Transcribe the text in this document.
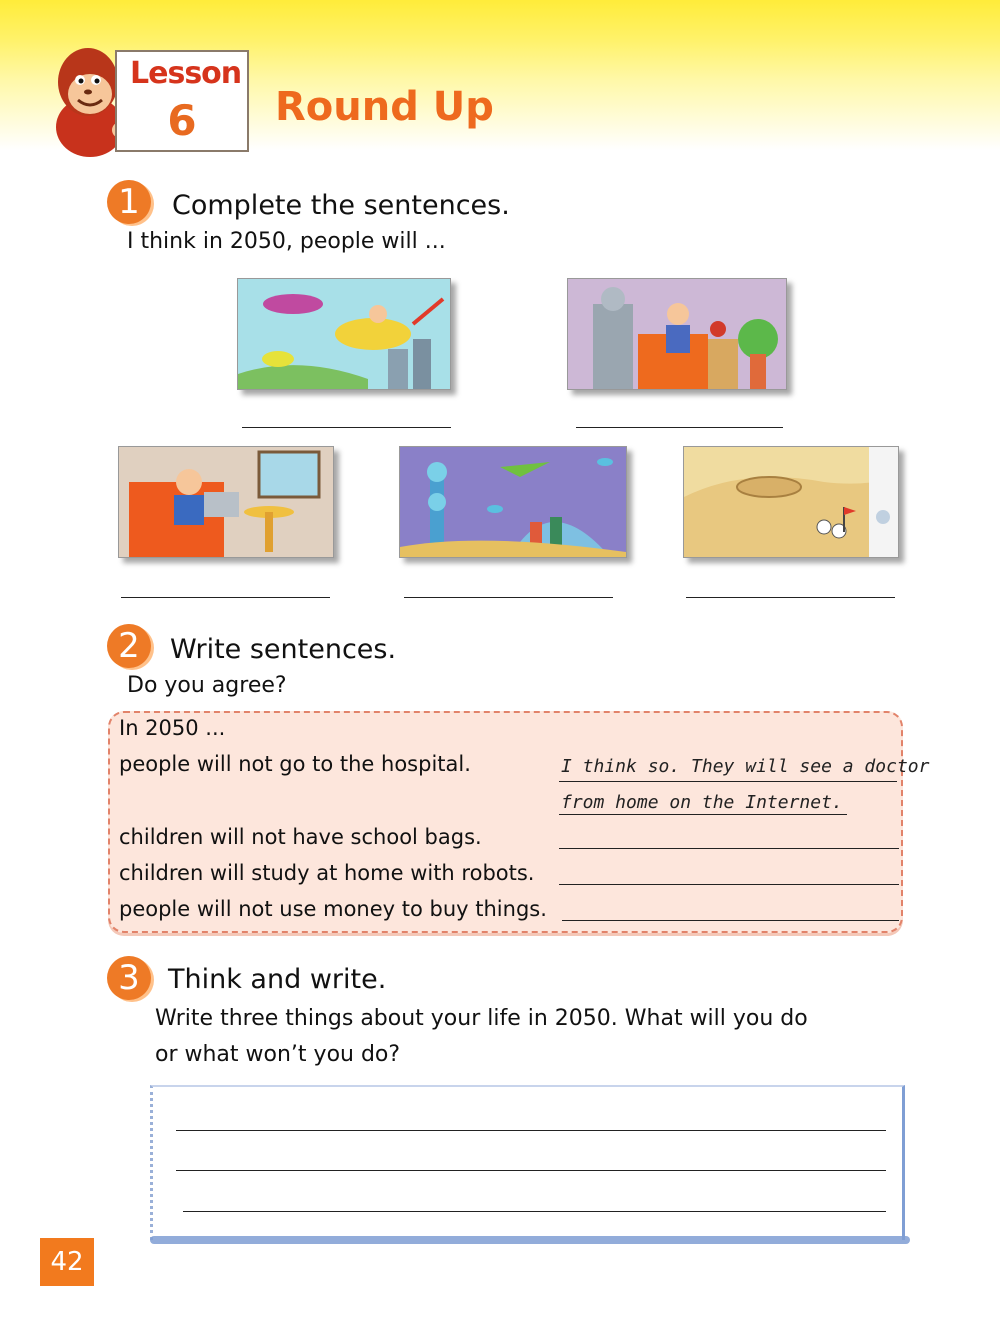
Lesson
6	Round Up
1	Complete the sentences.
I think in 2050, people will ...
2	Write sentences.
Do you agree?
In 2050 ...
people will not go to the hospital.	I think so. They will see a doctor
from home on the Internet.
children will not have school bags.
children will study at home with robots.
people will not use money to buy things.
3	Think and write.
Write three things about your life in 2050. What will you do
or what won’t you do?
42
